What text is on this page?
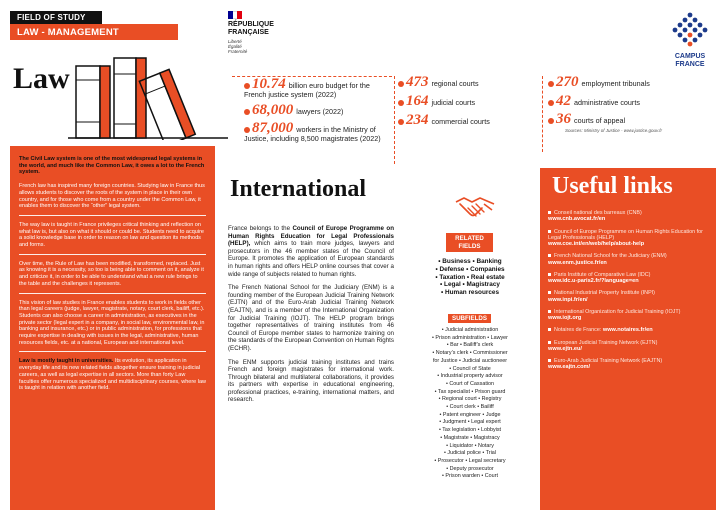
FIELD OF STUDY
LAW - MANAGEMENT
Law
RÉPUBLIQUE
FRANÇAISE
Liberté
Égalité
Fraternité
CAMPUS
FRANCE
10.74 billion euro budget for the French justice system (2022)
68,000 lawyers (2022)
87,000 workers in the Ministry of Justice, including 8,500 magistrates (2022)
473 regional courts
164 judicial courts
234 commercial courts
270 employment tribunals
42 administrative courts
36 courts of appeal
Sources: Ministry of Justice - www.justice.gouv.fr

The Civil Law system is one of the most widespread legal systems in the world, and much like the Common Law, it owes a lot to the French system.

French law has inspired many foreign countries. Studying law in France thus allows students to discover the roots of the system in place in their own country, and for those who come from a country under the Common Law, it enables them to discover the “other” legal system.

The way law is taught in France privileges critical thinking and reflection on what law is, but also on what it should or could be. Students need to acquire a solid knowledge base in order to reason on law and question its methods and forms.

Over time, the Rule of Law has been modified, transformed, replaced. Just as knowing it is a necessity, so too is being able to comment on it, analyze it and criticize it, in order to be able to understand what a new rule brings to the table and the challenges it represents.

This vision of law studies in France enables students to work in fields other than legal careers (judge, lawyer, magistrate, notary, court clerk, bailiff, etc.). Students can also choose a career in administration, as executives in the private sector (legal expert in a company, in social law, environmental law, in banking and insurance, etc.) or in public administration, for professions that require expertise in dealing with issues in the legal, administrative, human resources fields, etc. at a national, European and international level.

Law is mostly taught in universities. Its evolution, its application in everyday life and its new related fields altogether ensure training in judicial careers, as well as legal expertise in all sectors. More than forty Law faculties offer numerous specialized and multidisciplinary courses, where law is taught in relation with another field.

International

France belongs to the Council of Europe Programme on Human Rights Education for Legal Professionals (HELP), which aims to train more judges, lawyers and prosecutors in the 46 member states of the Council of Europe. It promotes the application of European standards in human rights and offers HELP online courses that cover a wide range of subjects related to human rights.

The French National School for the Judiciary (ENM) is a founding member of the European Judicial Training Network (EJTN) and of the Euro-Arab Judicial Training Network (EAJTN), and is a member of the International Organization for Judicial Training (IOJT). The HELP program brings together representatives of training institutes from 46 Council of Europe member states to harmonize training on the standards of the European Convention on Human Rights (ECHR).

The ENM supports judicial training institutes and trains French and foreign magistrates for international work. Through bilateral and multilateral collaborations, it provides its partners with expertise in educational engineering, professional practices, e-training, international matters, and research.

RELATED
FIELDS
• Business • Banking
• Defense • Companies
• Taxation • Real estate
• Legal • Magistracy
• Human resources
SUBFIELDS
• Judicial administration
• Prison administration • Lawyer
• Bar • Bailiff’s clerk
• Notary’s clerk • Commissioner
for Justice • Judicial auctioneer
• Council of State
• Industrial property advisor
• Court of Cassation
• Tax specialist • Prison guard
• Regional court • Registry
• Court clerk • Bailiff
• Patent engineer • Judge
• Judgment • Legal expert
• Tax legislation • Lobbyist
• Magistrate • Magistracy
• Liquidator • Notary
• Judicial police • Trial
• Prosecutor • Legal secretary
• Deputy prosecutor
• Prison warden • Court
Useful links
Conseil national des barreaux (CNB)
www.cnb.avocat.fr/en
Council of Europe Programme on Human Rights Education for Legal Professionals (HELP)
www.coe.int/en/web/help/about-help
French National School for the Judiciary (ENM)
www.enm.justice.fr/en
Paris Institute of Comparative Law (IDC)
www.idc.u-paris2.fr/?language=en
National Industrial Property Institute (INPI)
www.inpi.fr/en/
International Organization for Judicial Training (IOJT)
www.iojt.org
Notaires de France: www.notaires.fr/en
European Judicial Training Network (EJTN)
www.ejtn.eu/
Euro-Arab Judicial Training Network (EAJTN)
www.eajtn.com/
